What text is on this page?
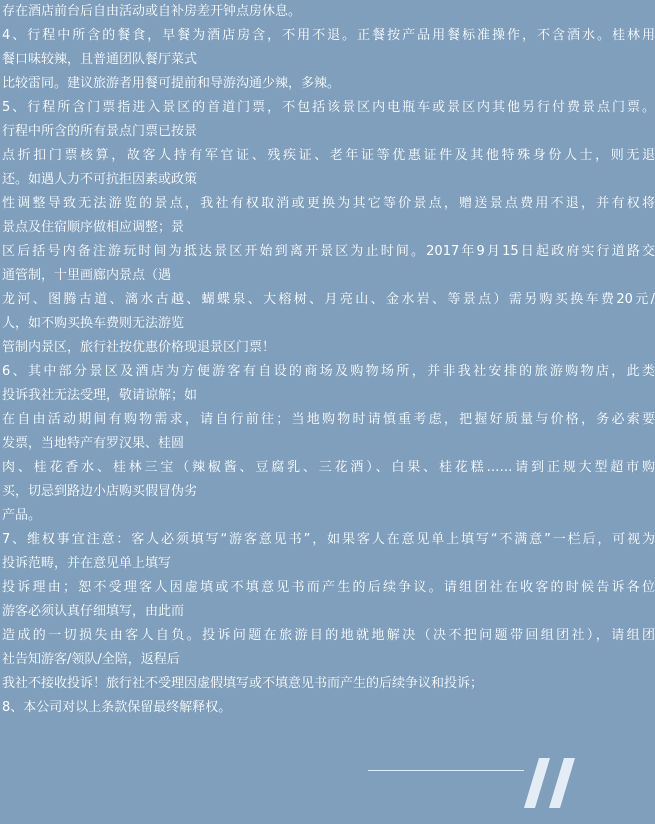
存在酒店前台后自由活动或自补房差开钟点房休息。
4、行程中所含的餐食，早餐为酒店房含，不用不退。正餐按产品用餐标准操作，不含酒水。桂林用
餐口味较辣，且普通团队餐厅菜式
比较雷同。建议旅游者用餐可提前和导游沟通少辣，多辣。
5、行程所含门票指进入景区的首道门票，不包括该景区内电瓶车或景区内其他另行付费景点门票。
行程中所含的所有景点门票已按景
点折扣门票核算，故客人持有军官证、残疾证、老年证等优惠证件及其他特殊身份人士，则无退
还。如遇人力不可抗拒因素或政策
性调整导致无法游览的景点，我社有权取消或更换为其它等价景点，赠送景点费用不退，并有权将
景点及住宿顺序做相应调整；景
区后括号内备注游玩时间为抵达景区开始到离开景区为止时间。2017年9月15日起政府实行道路交
通管制，十里画廊内景点（遇
龙河、图腾古道、漓水古越、蝴蝶泉、大榕树、月亮山、金水岩、等景点）需另购买换车费20元/
人，如不购买换车费则无法游览
管制内景区，旅行社按优惠价格现退景区门票！
6、其中部分景区及酒店为方便游客有自设的商场及购物场所，并非我社安排的旅游购物店，此类
投诉我社无法受理，敬请谅解；如
在自由活动期间有购物需求，请自行前往；当地购物时请慎重考虑，把握好质量与价格，务必索要
发票，当地特产有罗汉果、桂圆
肉、桂花香水、桂林三宝（辣椒酱、豆腐乳、三花酒）、白果、桂花糕……请到正规大型超市购
买，切忌到路边小店购买假冒伪劣
产品。
7、维权事宜注意：客人必须填写“游客意见书”，如果客人在意见单上填写“不满意”一栏后，可视为
投诉范畴，并在意见单上填写
投诉理由；恕不受理客人因虚填或不填意见书而产生的后续争议。请组团社在收客的时候告诉各位
游客必须认真仔细填写，由此而
造成的一切损失由客人自负。投诉问题在旅游目的地就地解决（决不把问题带回组团社），请组团
社告知游客/领队/全陪，返程后
我社不接收投诉！旅行社不受理因虚假填写或不填意见书而产生的后续争议和投诉；
8、本公司对以上条款保留最终解释权。
